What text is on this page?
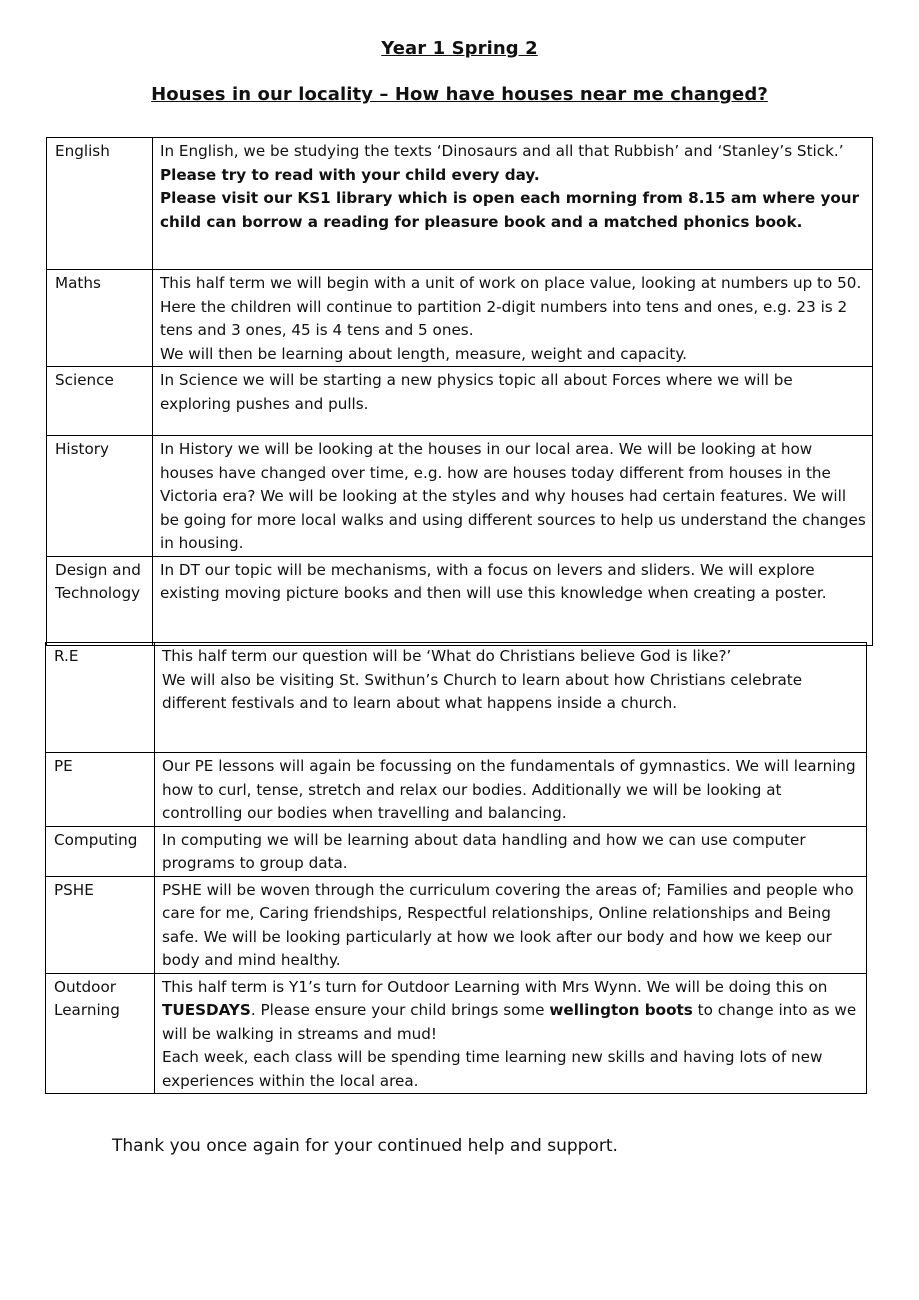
Year 1 Spring 2
Houses in our locality – How have houses near me changed?
English	In English, we be studying the texts ‘Dinosaurs and all that Rubbish’ and ‘Stanley’s Stick.’
Please try to read with your child every day.
Please visit our KS1 library which is open each morning from 8.15 am where your child can borrow a reading for pleasure book and a matched phonics book.

Maths	This half term we will begin with a unit of work on place value, looking at numbers up to 50. Here the children will continue to partition 2-digit numbers into tens and ones, e.g. 23 is 2 tens and 3 ones, 45 is 4 tens and 5 ones.
We will then be learning about length, measure, weight and capacity.

Science	In Science we will be starting a new physics topic all about Forces where we will be exploring pushes and pulls.
History	In History we will be looking at the houses in our local area. We will be looking at how houses have changed over time, e.g. how are houses today different from houses in the Victoria era? We will be looking at the styles and why houses had certain features. We will be going for more local walks and using different sources to help us understand the changes in housing.

Design and
Technology	In DT our topic will be mechanisms, with a focus on levers and sliders. We will explore existing moving picture books and then will use this knowledge when creating a poster.
R.E	This half term our question will be ‘What do Christians believe God is like?’
We will also be visiting St. Swithun’s Church to learn about how Christians celebrate different festivals and to learn about what happens inside a church.

PE	Our PE lessons will again be focussing on the fundamentals of gymnastics. We will learning how to curl, tense, stretch and relax our bodies. Additionally we will be looking at controlling our bodies when travelling and balancing.
Computing	In computing we will be learning about data handling and how we can use computer programs to group data.
PSHE	PSHE will be woven through the curriculum covering the areas of; Families and people who care for me, Caring friendships, Respectful relationships, Online relationships and Being safe. We will be looking particularly at how we look after our body and how we keep our body and mind healthy.

Outdoor
Learning	This half term is Y1’s turn for Outdoor Learning with Mrs Wynn. We will be doing this on TUESDAYS. Please ensure your child brings some wellington boots to change into as we will be walking in streams and mud!
Each week, each class will be spending time learning new skills and having lots of new experiences within the local area.

Thank you once again for your continued help and support.
